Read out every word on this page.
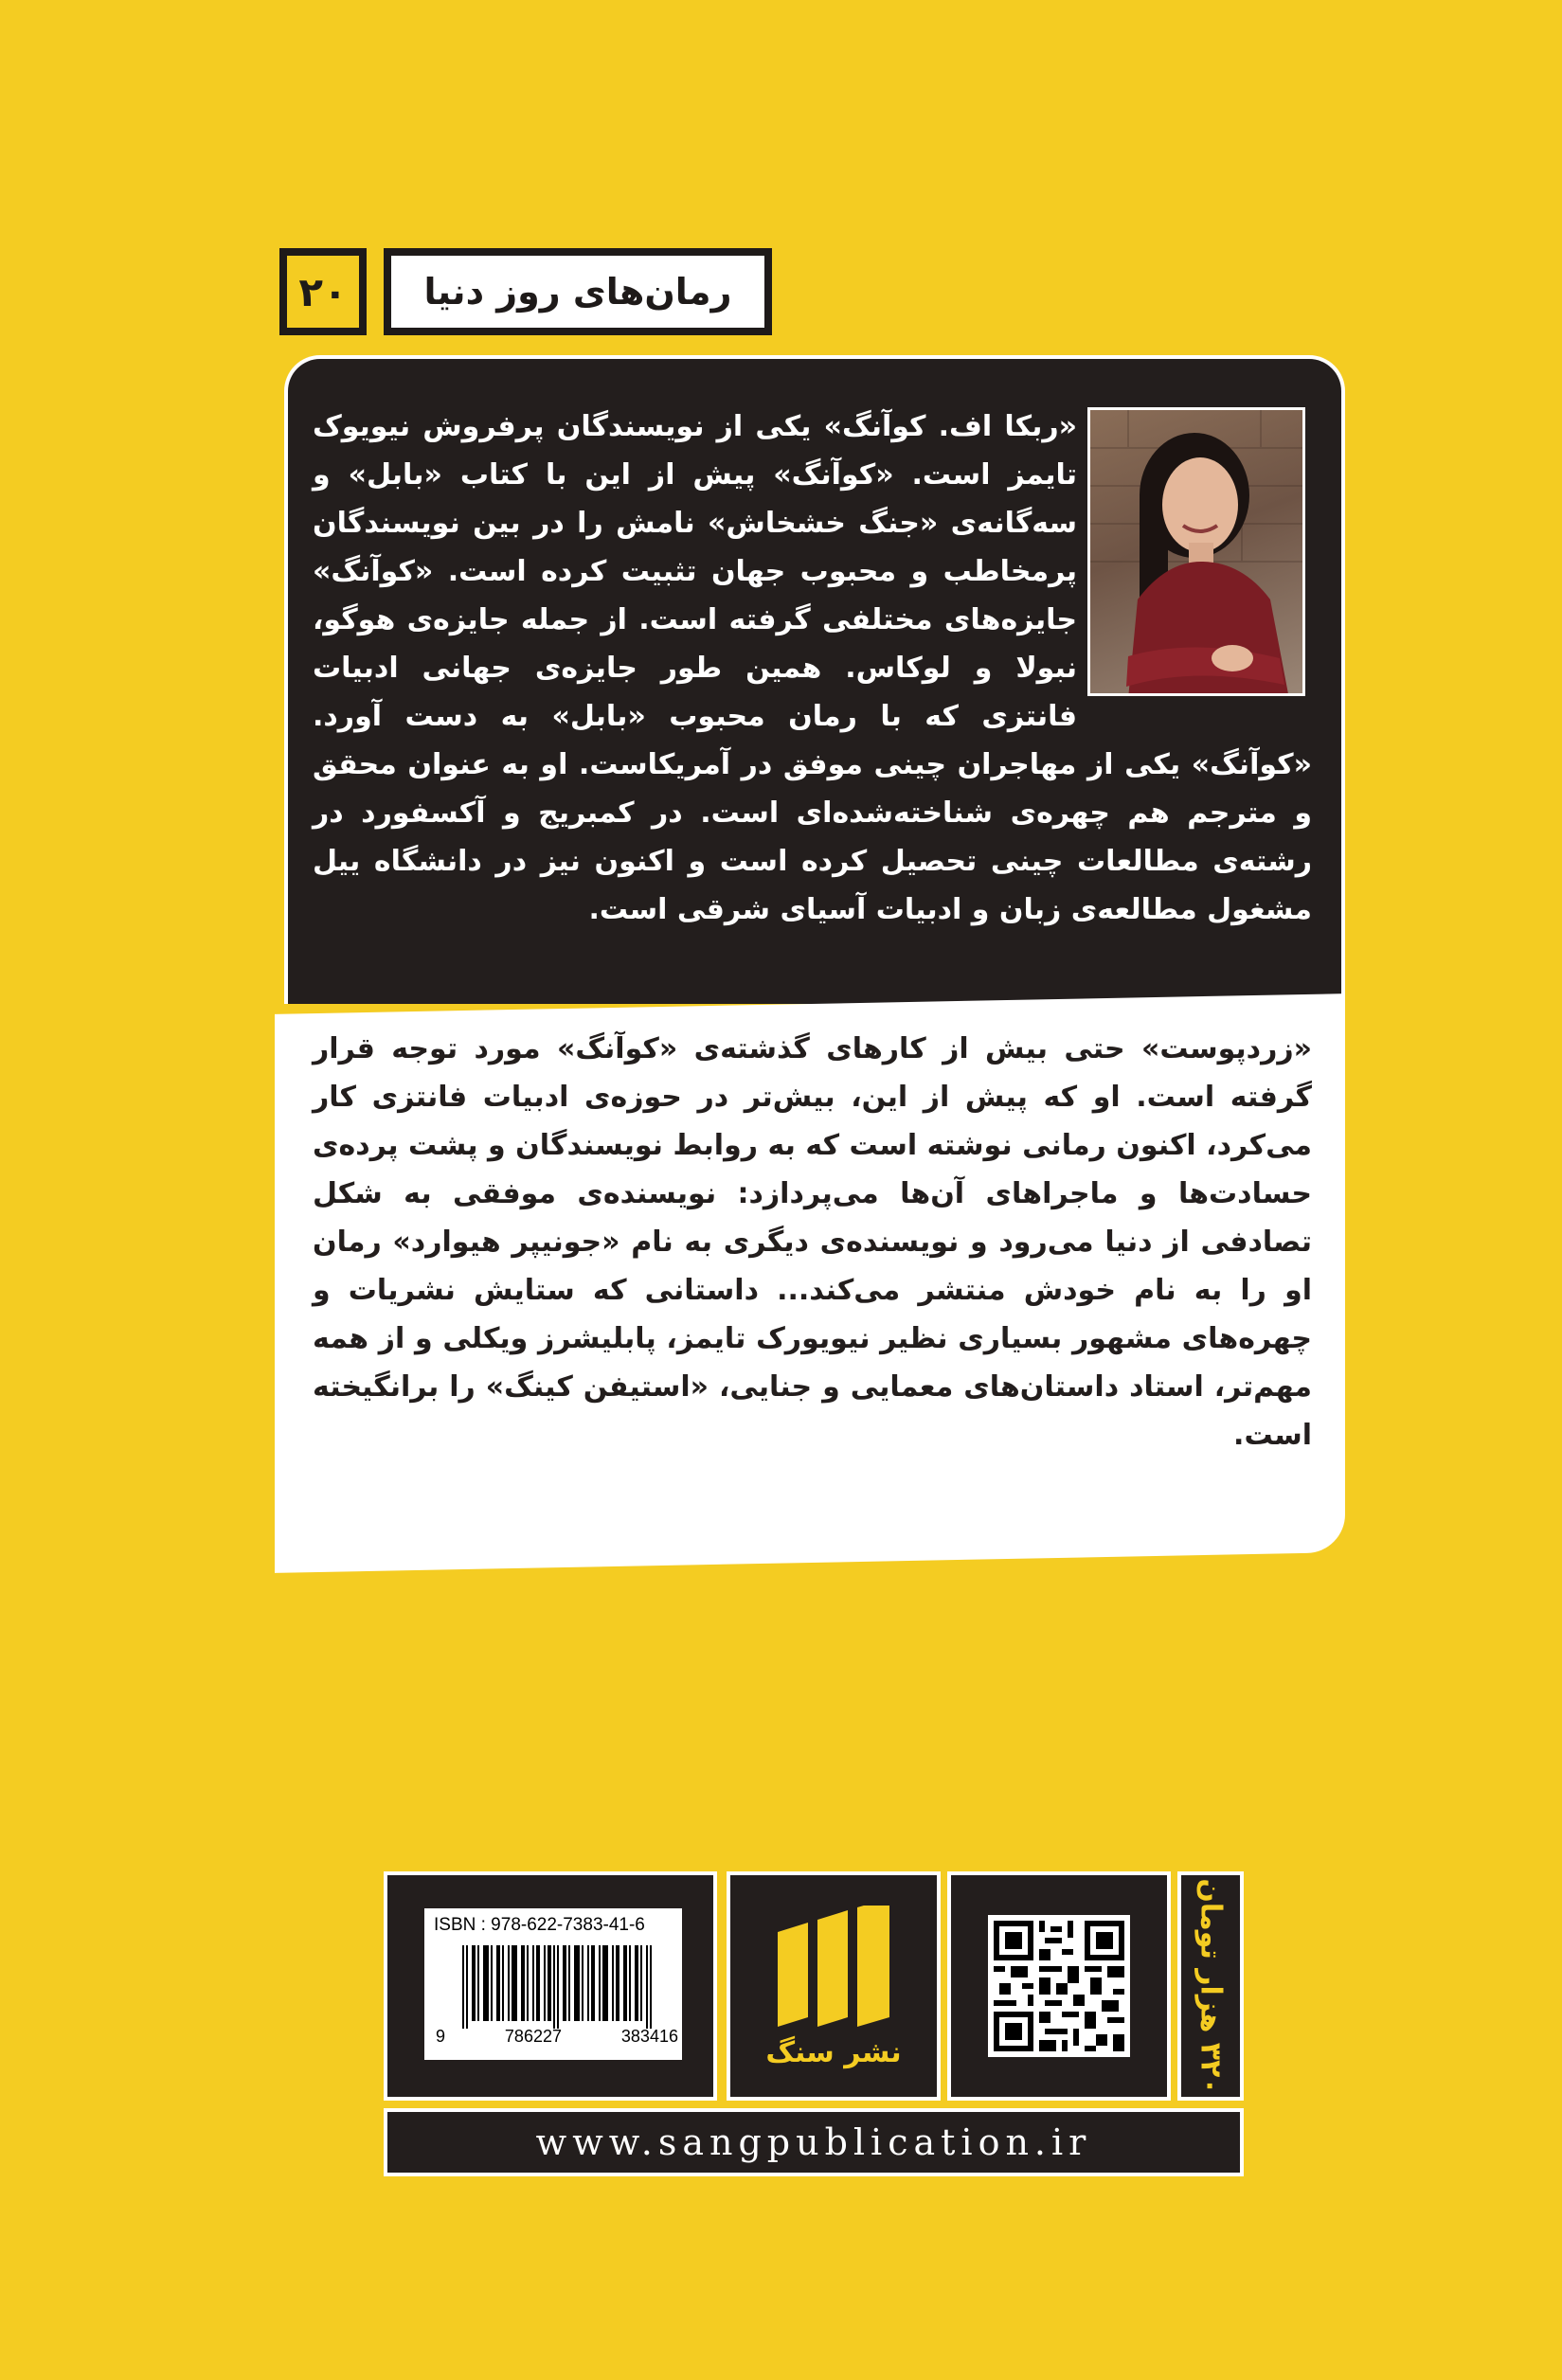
رمان‌های روز دنیا
۲۰
«ربکا اف. کوآنگ» یکی از نویسندگان پرفروش نیویوک تایمز است. «کوآنگ» پیش از این با کتاب «بابل» و سه‌گانه‌ی «جنگ خشخاش» نامش را در بین نویسندگان پرمخاطب و محبوب جهان تثبیت کرده است. «کوآنگ» جایزه‌های مختلفی گرفته است. از جمله جایزه‌ی هوگو، نبولا و لوکاس. همین طور جایزه‌ی جهانی ادبیات فانتزی که با رمان محبوب «بابل» به دست آورد. «کوآنگ» یکی از مهاجران چینی موفق در آمریکاست. او به عنوان محقق و مترجم هم چهره‌ی شناخته‌شده‌ای است. در کمبریج و آکسفورد در رشته‌ی مطالعات چینی تحصیل کرده است و اکنون نیز در دانشگاه ییل مشغول مطالعه‌ی زبان و ادبیات آسیای شرقی است.
«زردپوست» حتی بیش از کارهای گذشته‌ی «کوآنگ» مورد توجه قرار گرفته است. او که پیش از این، بیش‌تر در حوزه‌ی ادبیات فانتزی کار می‌کرد، اکنون رمانی نوشته است که به روابط نویسندگان و پشت پرده‌ی حسادت‌ها و ماجراهای آن‌ها می‌پردازد: نویسنده‌ی موفقی به شکل تصادفی از دنیا می‌رود و نویسنده‌ی دیگری به نام «جونیپر هیوارد» رمان او را به نام خودش منتشر می‌کند... داستانی که ستایش نشریات و چهره‌های مشهور بسیاری نظیر نیویورک تایمز، پابلیشرز ویکلی و از همه مهم‌تر، استاد داستان‌های معمایی و جنایی، «استیفن کینگ» را برانگیخته است.
۳۲۰ هزار تومان
نشر سنگ
ISBN : 978-622-7383-41-6
9	786227	383416
www.sangpublication.ir
